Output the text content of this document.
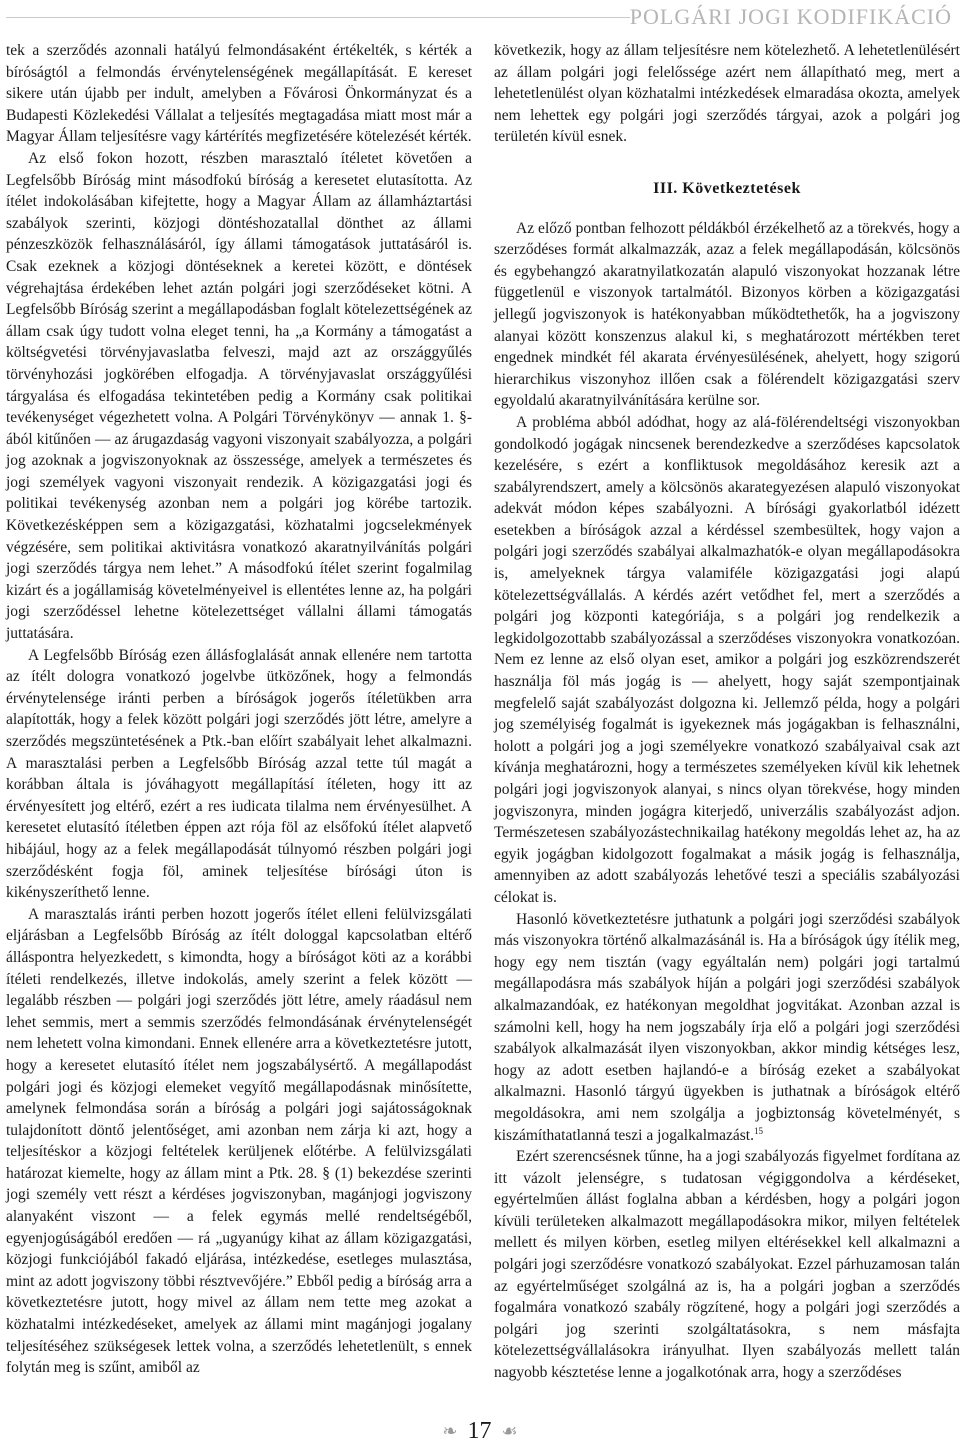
POLGÁRI JOGI KODIFIKÁCIÓ

tek a szerződés azonnali hatályú felmondásaként értékelték, s kérték a bíróságtól a felmondás érvénytelenségének megállapítását. E kereset sikere után újabb per indult, amelyben a Fővárosi Önkormányzat és a Budapesti Közlekedési Vállalat a teljesítés megtagadása miatt most már a Magyar Állam teljesítésre vagy kártérítés megfizetésére kötelezését kérték.

Az első fokon hozott, részben marasztaló ítéletet követően a Legfelsőbb Bíróság mint másodfokú bíróság a keresetet elutasította. Az ítélet indokolásában kifejtette, hogy a Magyar Állam az államháztartási szabályok szerinti, közjogi döntéshozatallal dönthet az állami pénzeszközök felhasználásáról, így állami támogatások juttatásáról is. Csak ezeknek a közjogi döntéseknek a keretei között, e döntések végrehajtása érdekében lehet aztán polgári jogi szerződéseket kötni. A Legfelsőbb Bíróság szerint a megállapodásban foglalt kötelezettségének az állam csak úgy tudott volna eleget tenni, ha „a Kormány a támogatást a költségvetési törvényjavaslatba felveszi, majd azt az országgyűlés törvényhozási jogkörében elfogadja. A törvényjavaslat országgyűlési tárgyalása és elfogadása tekintetében pedig a Kormány csak politikai tevékenységet végezhetett volna. A Polgári Törvénykönyv — annak 1. §-ából kitűnően — az árugazdaság vagyoni viszonyait szabályozza, a polgári jog azoknak a jogviszonyoknak az összessége, amelyek a természetes és jogi személyek vagyoni viszonyait rendezik. A közigazgatási jogi és politikai tevékenység azonban nem a polgári jog körébe tartozik. Következésképpen sem a közigazgatási, közhatalmi jogcselekmények végzésére, sem politikai aktivitásra vonatkozó akaratnyilvánítás polgári jogi szerződés tárgya nem lehet.” A másodfokú ítélet szerint fogalmilag kizárt és a jogállamiság követelményeivel is ellentétes lenne az, ha polgári jogi szerződéssel lehetne kötelezettséget vállalni állami támogatás juttatására.

A Legfelsőbb Bíróság ezen állásfoglalását annak ellenére nem tartotta az ítélt dologra vonatkozó jogelvbe ütközőnek, hogy a felmondás érvénytelensége iránti perben a bíróságok jogerős ítéletükben arra alapították, hogy a felek között polgári jogi szerződés jött létre, amelyre a szerződés megszüntetésének a Ptk.-ban előírt szabályait lehet alkalmazni. A marasztalási perben a Legfelsőbb Bíróság azzal tette túl magát a korábban általa is jóváhagyott megállapításí ítéleten, hogy itt az érvényesített jog eltérő, ezért a res iudicata tilalma nem érvényesülhet. A keresetet elutasító ítéletben éppen azt rója föl az elsőfokú ítélet alapvető hibájául, hogy az a felek megállapodását túlnyomó részben polgári jogi szerződésként fogja föl, aminek teljesítése bírósági úton is kikényszeríthető lenne.

A marasztalás iránti perben hozott jogerős ítélet elleni felülvizsgálati eljárásban a Legfelsőbb Bíróság az ítélt dologgal kapcsolatban eltérő álláspontra helyezkedett, s kimondta, hogy a bíróságot köti az a korábbi ítéleti rendelkezés, illetve indokolás, amely szerint a felek között — legalább részben — polgári jogi szerződés jött létre, amely ráadásul nem lehet semmis, mert a semmis szerződés felmondásának érvénytelenségét nem lehetett volna kimondani. Ennek ellenére arra a következtetésre jutott, hogy a keresetet elutasító ítélet nem jogszabálysértő. A megállapodást polgári jogi és közjogi elemeket vegyítő megállapodásnak minősítette, amelynek felmondása során a bíróság a polgári jogi sajátosságoknak tulajdonított döntő jelentőséget, ami azonban nem zárja ki azt, hogy a teljesítéskor a közjogi feltételek kerüljenek előtérbe. A felülvizsgálati határozat kiemelte, hogy az állam mint a Ptk. 28. § (1) bekezdése szerinti jogi személy vett részt a kérdéses jogviszonyban, magánjogi jogviszony alanyaként viszont — a felek egymás mellé rendeltségéből, egyenjogúságából eredően — rá „ugyanúgy kihat az állam közigazgatási, közjogi funkciójából fakadó eljárása, intézkedése, esetleges mulasztása, mint az adott jogviszony többi résztvevőjére.” Ebből pedig a bíróság arra a következtetésre jutott, hogy mivel az állam nem tette meg azokat a közhatalmi intézkedéseket, amelyek az állami mint magánjogi jogalany teljesítéséhez szükségesek lettek volna, a szerződés lehetetlenült, s ennek folytán meg is szűnt, amiből az

következik, hogy az állam teljesítésre nem kötelezhető. A lehetetlenülésért az állam polgári jogi felelőssége azért nem állapítható meg, mert a lehetetlenülést olyan közhatalmi intézkedések elmaradása okozta, amelyek nem lehettek egy polgári jogi szerződés tárgyai, azok a polgári jog területén kívül esnek.

III. Következtetések

Az előző pontban felhozott példákból érzékelhető az a törekvés, hogy a szerződéses formát alkalmazzák, azaz a felek megállapodásán, kölcsönös és egybehangzó akaratnyilatkozatán alapuló viszonyokat hozzanak létre függetlenül e viszonyok tartalmától. Bizonyos körben a közigazgatási jellegű jogviszonyok is hatékonyabban működtethetők, ha a jogviszony alanyai között konszenzus alakul ki, s meghatározott mértékben teret engednek mindkét fél akarata érvényesülésének, ahelyett, hogy szigorú hierarchikus viszonyhoz illően csak a fölérendelt közigazgatási szerv egyoldalú akaratnyilvánítására kerülne sor.

A probléma abból adódhat, hogy az alá-fölérendeltségi viszonyokban gondolkodó jogágak nincsenek berendezkedve a szerződéses kapcsolatok kezelésére, s ezért a konfliktusok megoldásához keresik azt a szabályrendszert, amely a kölcsönös akarategyezésen alapuló viszonyokat adekvát módon képes szabályozni. A bírósági gyakorlatból idézett esetekben a bíróságok azzal a kérdéssel szembesültek, hogy vajon a polgári jogi szerződés szabályai alkalmazhatók-e olyan megállapodásokra is, amelyeknek tárgya valamiféle közigazgatási jogi alapú kötelezettségvállalás. A kérdés azért vetődhet fel, mert a szerződés a polgári jog központi kategóriája, s a polgári jog rendelkezik a legkidolgozottabb szabályozással a szerződéses viszonyokra vonatkozóan. Nem ez lenne az első olyan eset, amikor a polgári jog eszközrendszerét használja föl más jogág is — ahelyett, hogy saját szempontjainak megfelelő saját szabályozást dolgozna ki. Jellemző példa, hogy a polgári jog személyiség fogalmát is igyekeznek más jogágakban is felhasználni, holott a polgári jog a jogi személyekre vonatkozó szabályaival csak azt kívánja meghatározni, hogy a természetes személyeken kívül kik lehetnek polgári jogi jogviszonyok alanyai, s nincs olyan törekvése, hogy minden jogviszonyra, minden jogágra kiterjedő, univerzális szabályozást adjon. Természetesen szabályozástechnikailag hatékony megoldás lehet az, ha az egyik jogágban kidolgozott fogalmakat a másik jogág is felhasználja, amennyiben az adott szabályozás lehetővé teszi a speciális szabályozási célokat is.

Hasonló következtetésre juthatunk a polgári jogi szerződési szabályok más viszonyokra történő alkalmazásánál is. Ha a bíróságok úgy ítélik meg, hogy egy nem tisztán (vagy egyáltalán nem) polgári jogi tartalmú megállapodásra más szabályok híján a polgári jogi szerződési szabályok alkalmazandóak, ez hatékonyan megoldhat jogvitákat. Azonban azzal is számolni kell, hogy ha nem jogszabály írja elő a polgári jogi szerződési szabályok alkalmazását ilyen viszonyokban, akkor mindig kétséges lesz, hogy az adott esetben hajlandó-e a bíróság ezeket a szabályokat alkalmazni. Hasonló tárgyú ügyekben is juthatnak a bíróságok eltérő megoldásokra, ami nem szolgálja a jogbiztonság követelményét, s kiszámíthatatlanná teszi a jogalkalmazást.$^{15}$

Ezért szerencsésnek tűnne, ha a jogi szabályozás figyelmet fordítana az itt vázolt jelenségre, s tudatosan végiggondolva a kérdéseket, egyértelműen állást foglalna abban a kérdésben, hogy a polgári jogon kívüli területeken alkalmazott megállapodásokra mikor, milyen feltételek mellett és milyen körben, esetleg milyen eltérésekkel kell alkalmazni a polgári jogi szerződésre vonatkozó szabályokat. Ezzel párhuzamosan talán az egyértelműséget szolgálná az is, ha a polgári jogban a szerződés fogalmára vonatkozó szabály rögzítené, hogy a polgári jogi szerződés a polgári jog szerinti szolgáltatásokra, s nem másfajta kötelezettségvállalásokra irányulhat. Ilyen szabályozás mellett talán nagyobb késztetése lenne a jogalkotónak arra, hogy a szerződéses

❧ 17 ☙
